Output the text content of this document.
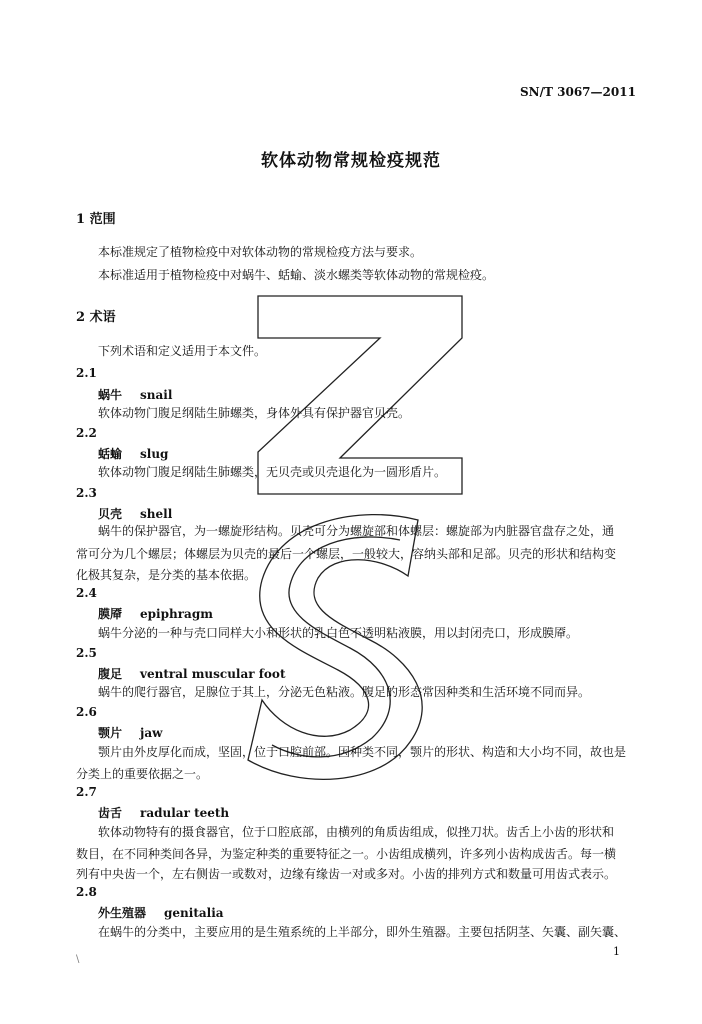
SN/T 3067—2011
软体动物常规检疫规范
1 范围
本标准规定了植物检疫中对软体动物的常规检疫方法与要求。
本标准适用于植物检疫中对蜗牛、蛞蝓、淡水螺类等软体动物的常规检疫。
2 术语
下列术语和定义适用于本文件。
2.1
蜗牛 snail
软体动物门腹足纲陆生肺螺类，身体外具有保护器官贝壳。
2.2
蛞蝓 slug
软体动物门腹足纲陆生肺螺类，无贝壳或贝壳退化为一圆形盾片。
2.3
贝壳 shell
蜗牛的保护器官，为一螺旋形结构。贝壳可分为螺旋部和体螺层：螺旋部为内脏器官盘存之处，通
常可分为几个螺层；体螺层为贝壳的最后一个螺层，一般较大，容纳头部和足部。贝壳的形状和结构变
化极其复杂，是分类的基本依据。
2.4
膜厣 epiphragm
蜗牛分泌的一种与壳口同样大小和形状的乳白色不透明粘液膜，用以封闭壳口，形成膜厣。
2.5
腹足 ventral muscular foot
蜗牛的爬行器官，足腺位于其上，分泌无色粘液。腹足的形态常因种类和生活环境不同而异。
2.6
颚片 jaw
颚片由外皮厚化而成，坚固，位于口腔前部。因种类不同，颚片的形状、构造和大小均不同，故也是
分类上的重要依据之一。
2.7
齿舌 radular teeth
软体动物特有的摄食器官，位于口腔底部，由横列的角质齿组成，似挫刀状。齿舌上小齿的形状和
数目，在不同种类间各异，为鉴定种类的重要特征之一。小齿组成横列，许多列小齿构成齿舌。每一横
列有中央齿一个，左右侧齿一或数对，边缘有缘齿一对或多对。小齿的排列方式和数量可用齿式表示。
2.8
外生殖器 genitalia
在蜗牛的分类中，主要应用的是生殖系统的上半部分，即外生殖器。主要包括阴茎、矢囊、副矢囊、
\
1
